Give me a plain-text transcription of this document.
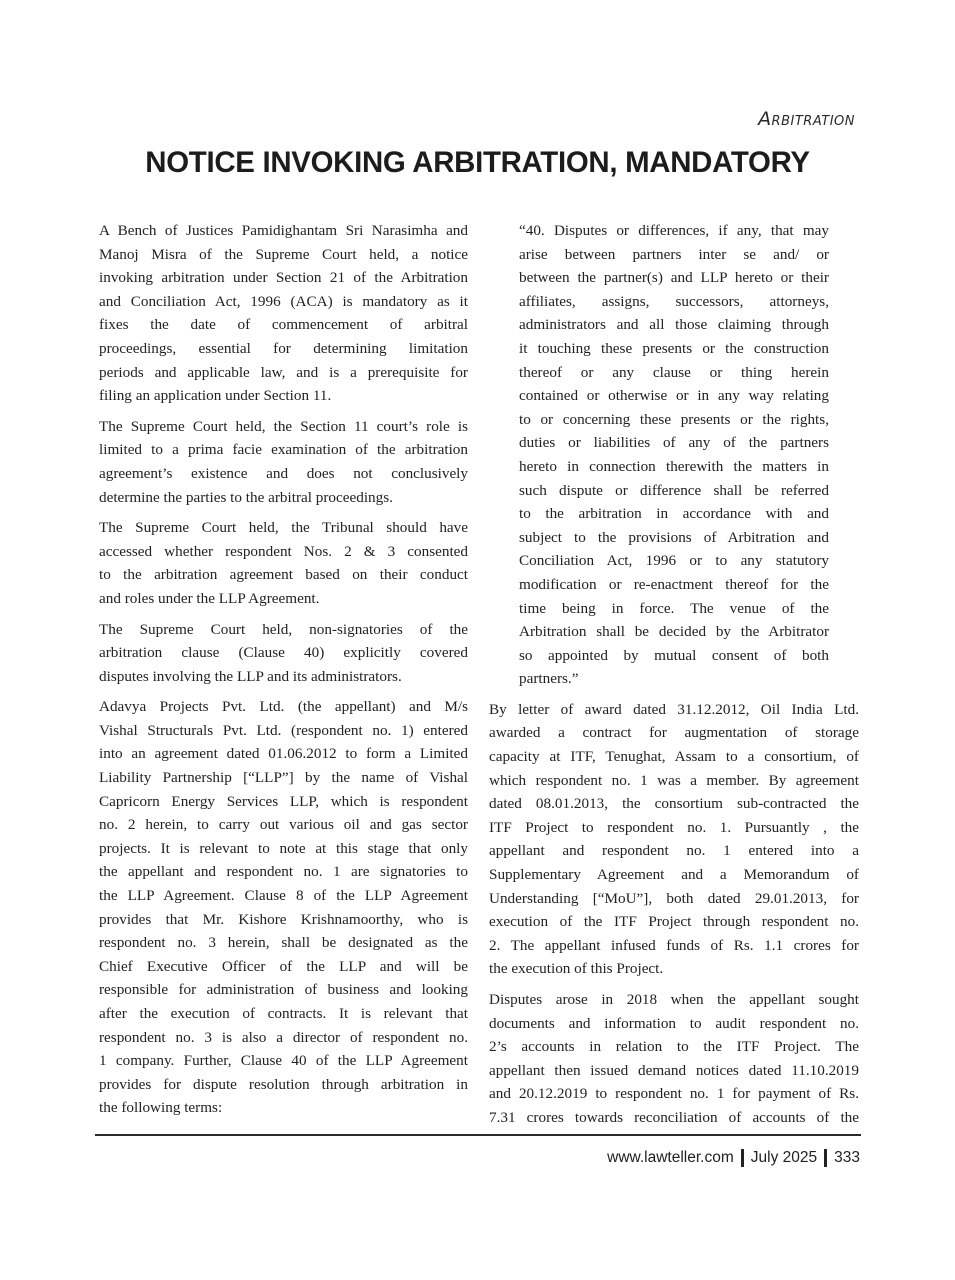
Arbitration
NOTICE INVOKING ARBITRATION, MANDATORY
A Bench of Justices Pamidighantam Sri Narasimha and
Manoj Misra of the Supreme Court held, a notice
invoking arbitration under Section 21 of the Arbitration
and Conciliation Act, 1996 (ACA) is mandatory as it
fixes the date of commencement of arbitral
proceedings, essential for determining limitation
periods and applicable law, and is a prerequisite for
filing an application under Section 11.
The Supreme Court held, the Section 11 court’s role is
limited to a prima facie examination of the arbitration
agreement’s existence and does not conclusively
determine the parties to the arbitral proceedings.
The Supreme Court held, the Tribunal should have
accessed whether respondent Nos. 2 & 3 consented
to the arbitration agreement based on their conduct
and roles under the LLP Agreement.
The Supreme Court held, non-signatories of the
arbitration clause (Clause 40) explicitly covered
disputes involving the LLP and its administrators.
Adavya Projects Pvt. Ltd. (the appellant) and M/s
Vishal Structurals Pvt. Ltd. (respondent no. 1) entered
into an agreement dated 01.06.2012 to form a Limited
Liability Partnership [“LLP”] by the name of Vishal
Capricorn Energy Services LLP, which is respondent
no. 2 herein, to carry out various oil and gas sector
projects. It is relevant to note at this stage that only
the appellant and respondent no. 1 are signatories to
the LLP Agreement. Clause 8 of the LLP Agreement
provides that Mr. Kishore Krishnamoorthy, who is
respondent no. 3 herein, shall be designated as the
Chief Executive Officer of the LLP and will be
responsible for administration of business and looking
after the execution of contracts. It is relevant that
respondent no. 3 is also a director of respondent no.
1 company. Further, Clause 40 of the LLP Agreement
provides for dispute resolution through arbitration in
the following terms:
“40. Disputes or differences, if any, that may
arise between partners inter se and/ or
between the partner(s) and LLP hereto or their
affiliates, assigns, successors, attorneys,
administrators and all those claiming through
it touching these presents or the construction
thereof or any clause or thing herein
contained or otherwise or in any way relating
to or concerning these presents or the rights,
duties or liabilities of any of the partners
hereto in connection therewith the matters in
such dispute or difference shall be referred
to the arbitration in accordance with and
subject to the provisions of Arbitration and
Conciliation Act, 1996 or to any statutory
modification or re-enactment thereof for the
time being in force. The venue of the
Arbitration shall be decided by the Arbitrator
so appointed by mutual consent of both
partners.”
By letter of award dated 31.12.2012, Oil India Ltd.
awarded a contract for augmentation of storage
capacity at ITF, Tenughat, Assam to a consortium, of
which respondent no. 1 was a member. By agreement
dated 08.01.2013, the consortium sub-contracted the
ITF Project to respondent no. 1. Pursuantly , the
appellant and respondent no. 1 entered into a
Supplementary Agreement and a Memorandum of
Understanding [“MoU”], both dated 29.01.2013, for
execution of the ITF Project through respondent no.
2. The appellant infused funds of Rs. 1.1 crores for
the execution of this Project.
Disputes arose in 2018 when the appellant sought
documents and information to audit respondent no.
2’s accounts in relation to the ITF Project. The
appellant then issued demand notices dated 11.10.2019
and 20.12.2019 to respondent no. 1 for payment of Rs.
7.31 crores towards reconciliation of accounts of the
www.lawteller.com July 2025 333
